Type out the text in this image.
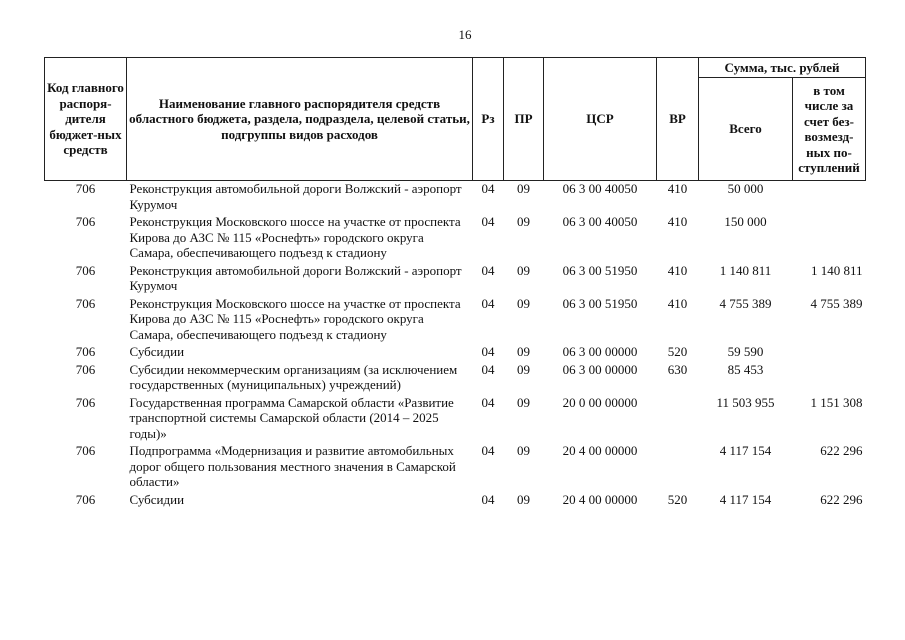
16
Код главного распоря-дителя бюджет-ных средств	Наименование главного распорядителя средств областного бюджета, раздела, подраздела, целевой статьи, подгруппы видов расходов	Рз	ПР	ЦСР	ВР	Сумма, тыс. рублей	
						Всего	в том числе за счет без-возмезд-ных по-ступлений
706	Реконструкция автомобильной дороги Волжский - аэропорт Курумоч	04	09	06 3 00 40050	410	50 000	
706	Реконструкция Московского шоссе на участке от проспекта Кирова до АЗС № 115 «Роснефть» городского округа Самара, обеспечивающего подъезд к стадиону	04	09	06 3 00 40050	410	150 000	
706	Реконструкция автомобильной дороги Волжский - аэропорт Курумоч	04	09	06 3 00 51950	410	1 140 811	1 140 811
706	Реконструкция Московского шоссе на участке от проспекта Кирова до АЗС № 115 «Роснефть» городского округа Самара, обеспечивающего подъезд к стадиону	04	09	06 3 00 51950	410	4 755 389	4 755 389
706	Субсидии	04	09	06 3 00 00000	520	59 590	
706	Субсидии некоммерческим организациям (за исключением государственных (муниципальных) учреждений)	04	09	06 3 00 00000	630	85 453	
706	Государственная программа Самарской области «Развитие транспортной системы Самарской области (2014 – 2025 годы)»	04	09	20 0 00 00000		11 503 955	1 151 308
706	Подпрограмма «Модернизация и развитие автомобильных дорог общего пользования местного значения в Самарской области»	04	09	20 4 00 00000		4 117 154	622 296
706	Субсидии	04	09	20 4 00 00000	520	4 117 154	622 296
